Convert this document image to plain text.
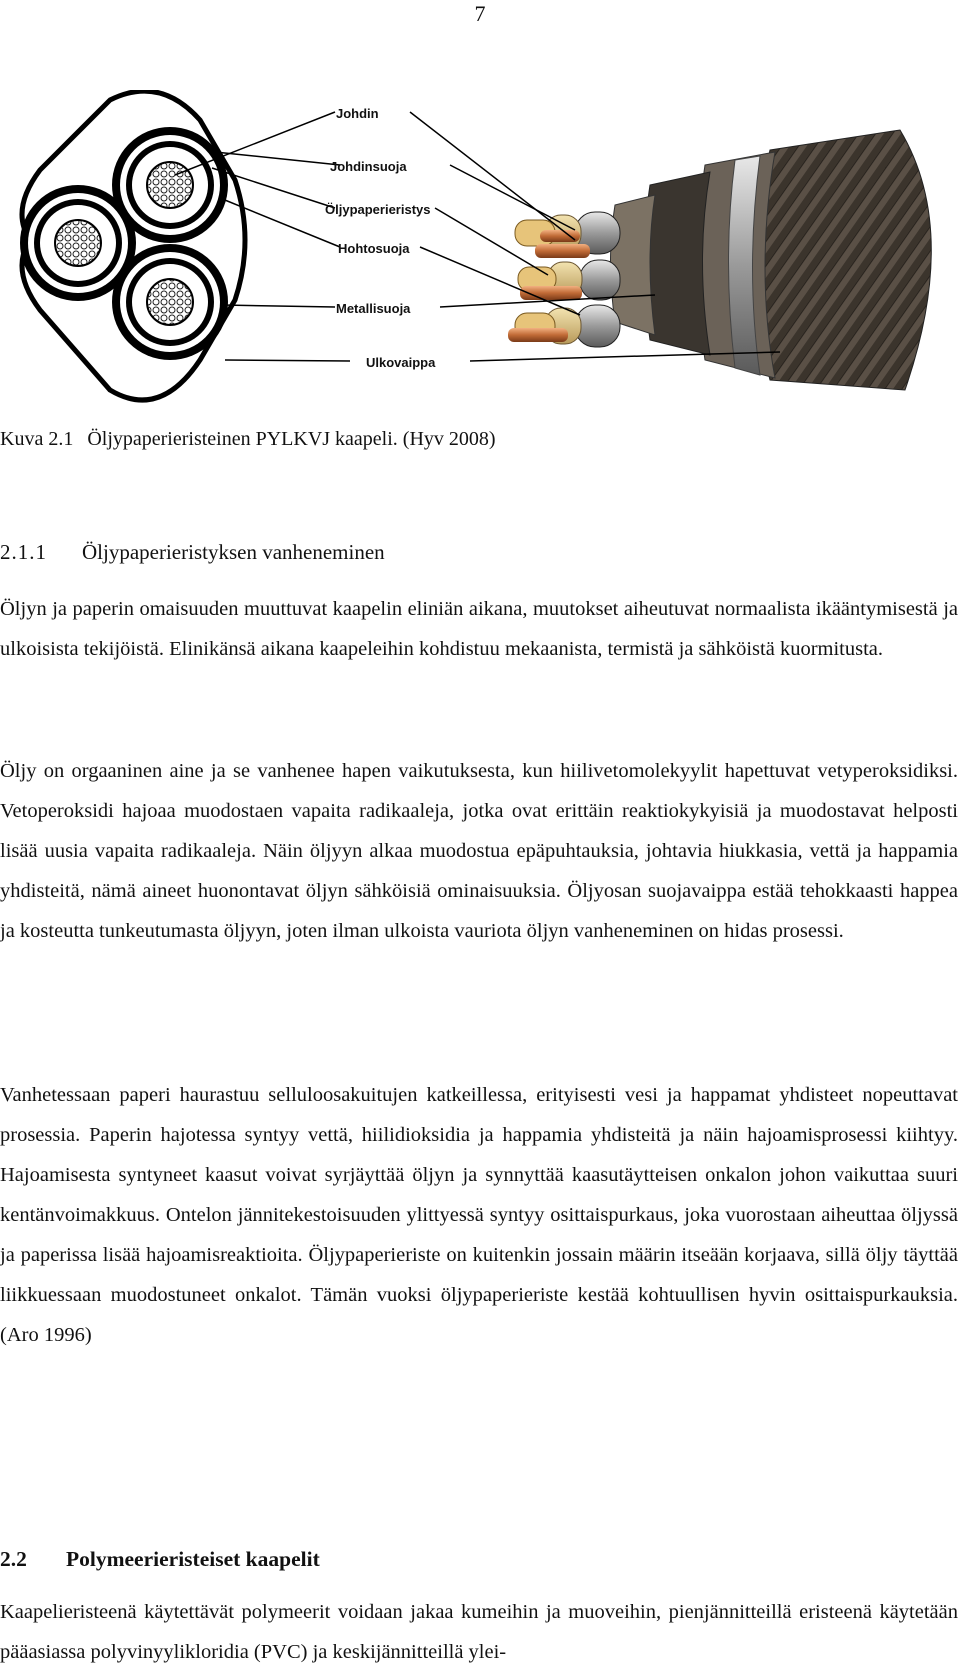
7
Johdin
Johdinsuoja
Öljypaperieristys
Hohtosuoja
Metallisuoja
Ulkovaippa
Kuva 2.1 Öljypaperieristeinen PYLKVJ kaapeli. (Hyv 2008)
2.1.1 Öljypaperieristyksen vanheneminen

Öljyn ja paperin omaisuuden muuttuvat kaapelin eliniän aikana, muutokset aiheutuvat normaalista ikääntymisestä ja ulkoisista tekijöistä. Elinikänsä aikana kaapeleihin kohdistuu mekaanista, termistä ja sähköistä kuormitusta.

Öljy on orgaaninen aine ja se vanhenee hapen vaikutuksesta, kun hiilivetomolekyylit hapettuvat vetyperoksidiksi. Vetoperoksidi hajoaa muodostaen vapaita radikaaleja, jotka ovat erittäin reaktiokykyisiä ja muodostavat helposti lisää uusia vapaita radikaaleja. Näin öljyyn alkaa muodostua epäpuhtauksia, johtavia hiukkasia, vettä ja happamia yhdisteitä, nämä aineet huonontavat öljyn sähköisiä ominaisuuksia. Öljyosan suojavaippa estää tehokkaasti happea ja kosteutta tunkeutumasta öljyyn, joten ilman ulkoista vauriota öljyn vanheneminen on hidas prosessi.

Vanhetessaan paperi haurastuu selluloosakuitujen katkeillessa, erityisesti vesi ja happamat yhdisteet nopeuttavat prosessia. Paperin hajotessa syntyy vettä, hiilidioksidia ja happamia yhdisteitä ja näin hajoamisprosessi kiihtyy. Hajoamisesta syntyneet kaasut voivat syrjäyttää öljyn ja synnyttää kaasutäytteisen onkalon johon vaikuttaa suuri kentänvoimakkuus. Ontelon jännitekestoisuuden ylittyessä syntyy osittaispurkaus, joka vuorostaan aiheuttaa öljyssä ja paperissa lisää hajoamisreaktioita. Öljypaperieriste on kuitenkin jossain määrin itseään korjaava, sillä öljy täyttää liikkuessaan muodostuneet onkalot. Tämän vuoksi öljypaperieriste kestää kohtuullisen hyvin osittaispurkauksia. (Aro 1996)

2.2 Polymeerieristeiset kaapelit

Kaapelieristeenä käytettävät polymeerit voidaan jakaa kumeihin ja muoveihin, pienjännitteillä eristeenä käytetään pääasiassa polyvinyylikloridia (PVC) ja keskijännitteillä ylei-
